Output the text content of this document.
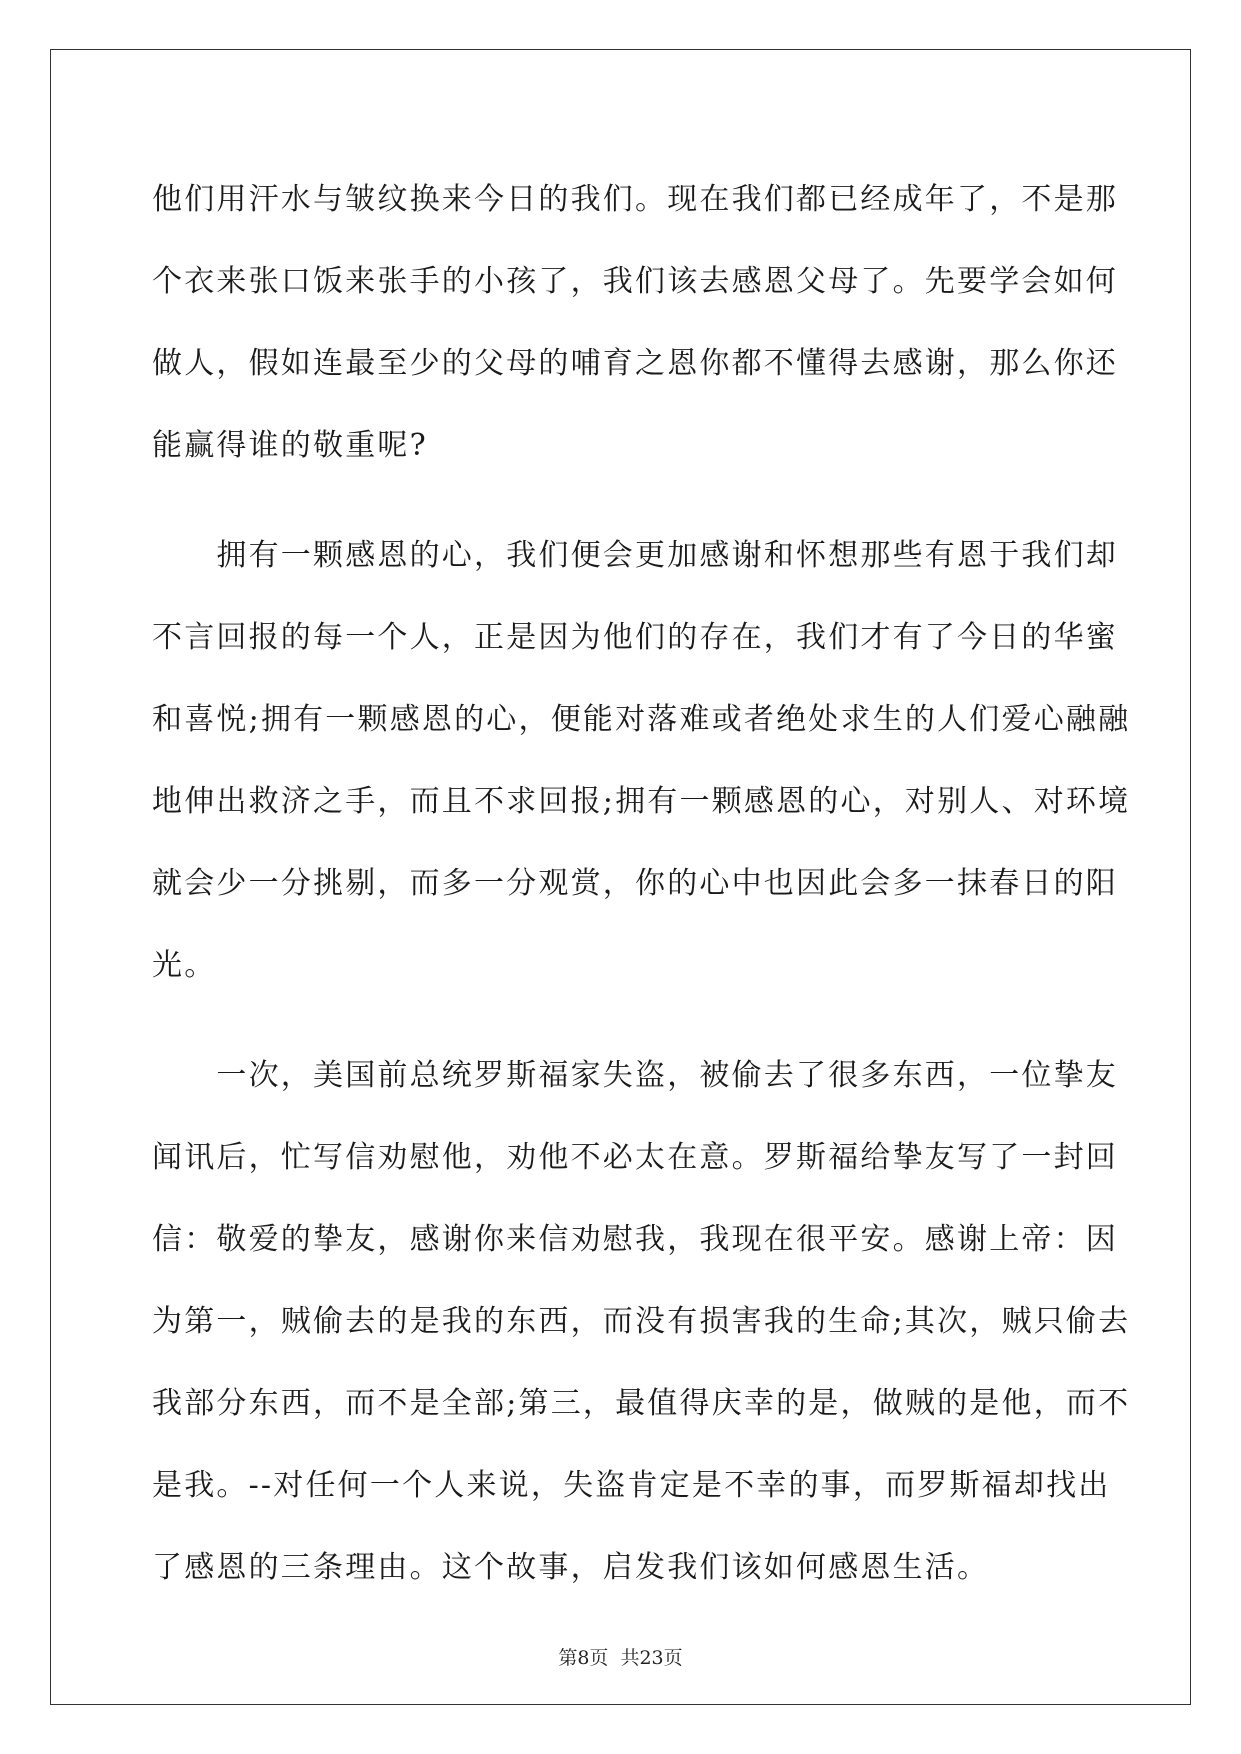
他们用汗水与皱纹换来今日的我们。现在我们都已经成年了，不是那
个衣来张口饭来张手的小孩了，我们该去感恩父母了。先要学会如何
做人，假如连最至少的父母的哺育之恩你都不懂得去感谢，那么你还
能赢得谁的敬重呢?
　　拥有一颗感恩的心，我们便会更加感谢和怀想那些有恩于我们却
不言回报的每一个人，正是因为他们的存在，我们才有了今日的华蜜
和喜悦;拥有一颗感恩的心，便能对落难或者绝处求生的人们爱心融融
地伸出救济之手，而且不求回报;拥有一颗感恩的心，对别人、对环境
就会少一分挑剔，而多一分观赏，你的心中也因此会多一抹春日的阳
光。
　　一次，美国前总统罗斯福家失盗，被偷去了很多东西，一位挚友
闻讯后，忙写信劝慰他，劝他不必太在意。罗斯福给挚友写了一封回
信：敬爱的挚友，感谢你来信劝慰我，我现在很平安。感谢上帝：因
为第一，贼偷去的是我的东西，而没有损害我的生命;其次，贼只偷去
我部分东西，而不是全部;第三，最值得庆幸的是，做贼的是他，而不
是我。--对任何一个人来说，失盗肯定是不幸的事，而罗斯福却找出
了感恩的三条理由。这个故事，启发我们该如何感恩生活。
第8页 共23页
